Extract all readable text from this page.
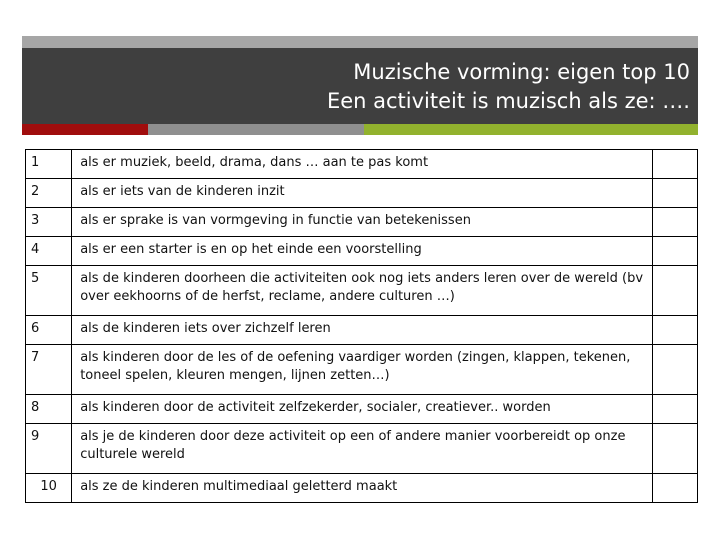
Muzische vorming: eigen top 10
Een activiteit is muzisch als ze: ….
1	als er muziek, beeld, drama, dans … aan te pas komt	
2	als er iets van de kinderen inzit	
3	als er sprake is van vormgeving in functie van betekenissen	
4	als er een starter is en op het einde een voorstelling	
5	als de kinderen doorheen die activiteiten ook nog iets anders leren over de wereld (bv over eekhoorns of de herfst, reclame, andere culturen …)	
6	als de kinderen iets over zichzelf leren	
7	als kinderen door de les of de oefening vaardiger worden (zingen, klappen, tekenen, toneel spelen, kleuren mengen, lijnen zetten…)	
8	als kinderen door de activiteit zelfzekerder, socialer, creatiever.. worden	
9	als je de kinderen door deze activiteit op een of andere manier voorbereidt op onze culturele wereld	
10	als ze de kinderen multimediaal geletterd maakt	
